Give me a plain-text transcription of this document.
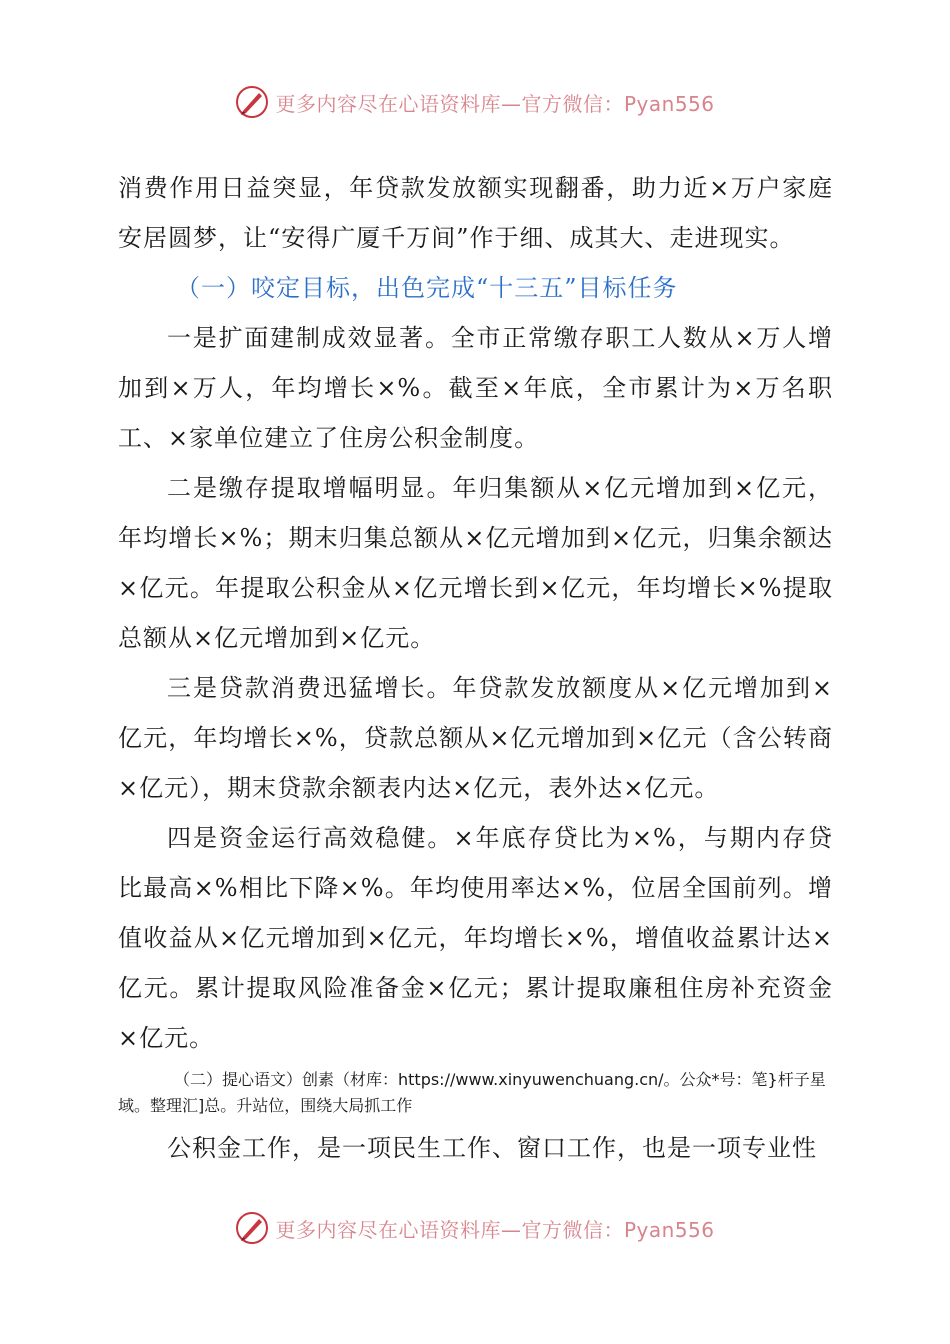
更多内容尽在心语资料库—官方微信：Pyan556

消费作用日益突显，年贷款发放额实现翻番，助力近×万户家庭安居圆梦，让“安得广厦千万间”作于细、成其大、走进现实。

（一）咬定目标，出色完成“十三五”目标任务

一是扩面建制成效显著。全市正常缴存职工人数从×万人增加到×万人，年均增长×%。截至×年底，全市累计为×万名职工、×家单位建立了住房公积金制度。

二是缴存提取增幅明显。年归集额从×亿元增加到×亿元，年均增长×%；期末归集总额从×亿元增加到×亿元，归集余额达×亿元。年提取公积金从×亿元增长到×亿元，年均增长×%提取总额从×亿元增加到×亿元。

三是贷款消费迅猛增长。年贷款发放额度从×亿元增加到×亿元，年均增长×%，贷款总额从×亿元增加到×亿元（含公转商×亿元），期末贷款余额表内达×亿元，表外达×亿元。

四是资金运行高效稳健。×年底存贷比为×%，与期内存贷比最高×%相比下降×%。年均使用率达×%，位居全国前列。增值收益从×亿元增加到×亿元，年均增长×%，增值收益累计达×亿元。累计提取风险准备金×亿元；累计提取廉租住房补充资金×亿元。

（二）提心语文）创素（材库：https://www.xinyuwenchuang.cn/。公众*号：笔}杆子星域。整理汇]总。升站位，围绕大局抓工作

公积金工作，是一项民生工作、窗口工作，也是一项专业性

更多内容尽在心语资料库—官方微信：Pyan556
